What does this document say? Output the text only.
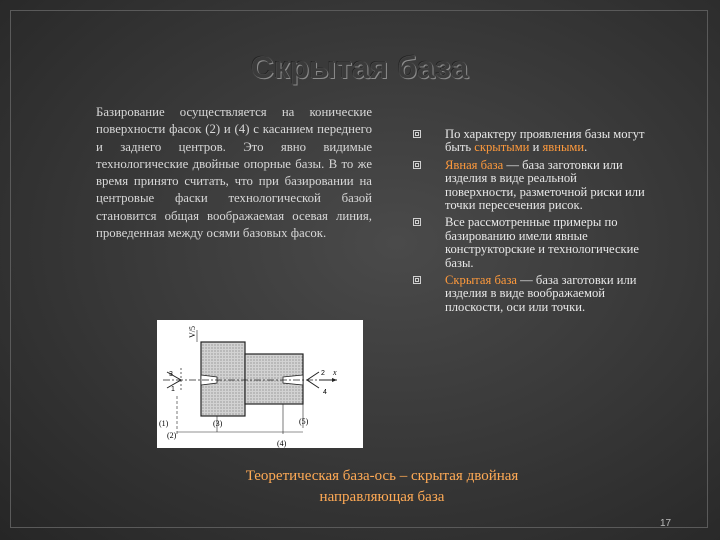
Скрытая база

Базирование осуществляется на конические поверхности фасок (2) и (4) с касанием переднего и заднего центров. Это явно видимые технологические двойные опорные базы. В то же время принято считать, что при базировании на центровые фаски технологической базой становится общая воображаемая осевая линия, проведенная между осями базовых фасок.

V/5
3
1
2
4
x
(1)
(2)
(3)
(4)
(5)
По характеру проявления базы могут быть скрытыми и явными.
Явная база — база заготовки или изделия в виде реальной поверхности, разметочной риски или точки пересечения рисок.
Все рассмотренные примеры по базированию имели явные конструкторские и технологические базы.
Скрытая база — база заготовки или изделия в виде воображаемой плоскости, оси или точки.
Теоретическая база-ось – скрытая двойная направляющая база
17
